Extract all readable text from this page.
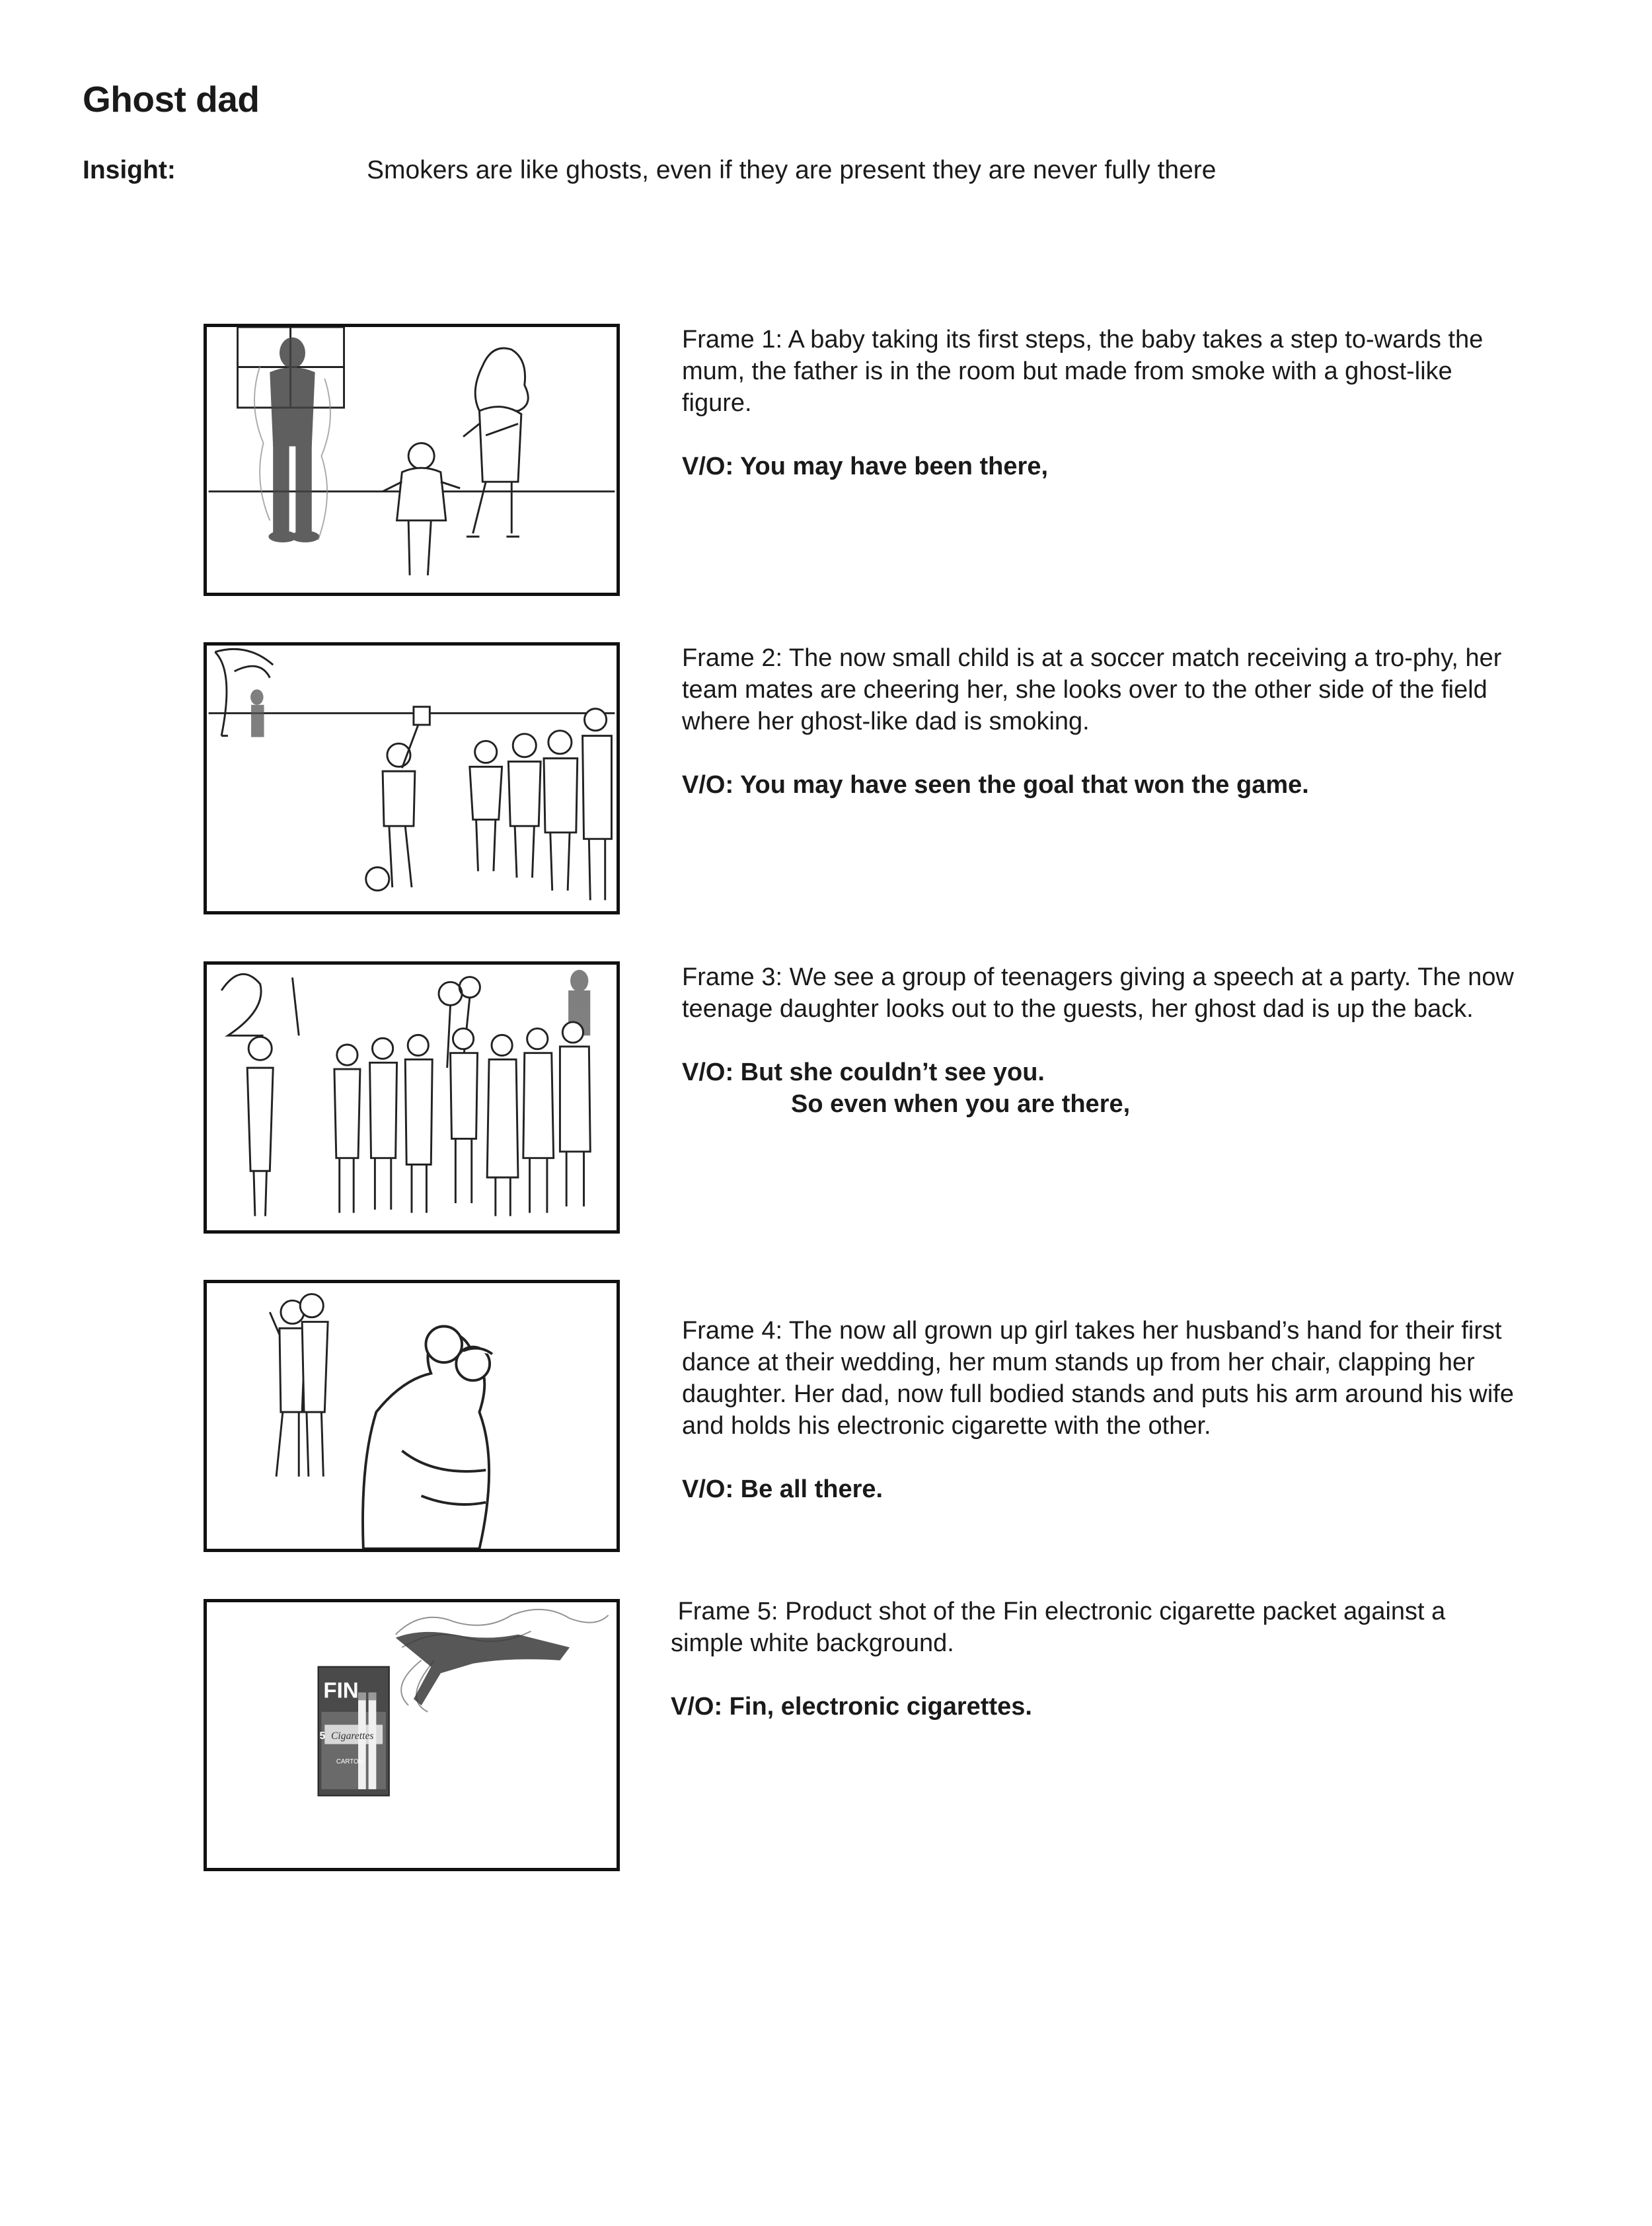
Ghost dad
Insight:	Smokers are like ghosts, even if they are present they are never fully there

Frame 1: A baby taking its first steps, the baby takes a step to-wards the mum, the father is in the room but made from smoke with a ghost-like figure.

V/O: You may have been there,

Frame 2: The now small child is at a soccer match receiving a tro-phy, her team mates are cheering her, she looks over to the other side of the field where her ghost-like dad is smoking.

V/O: You may have seen the goal that won the game.

Frame 3: We see a group of teenagers giving a speech at a party. The now teenage daughter looks out to the guests, her ghost dad is up the back.

V/O: But she couldn’t see you.

So even when you are there,

Frame 4: The now all grown up girl takes her husband’s hand for their first dance at their wedding, her mum stands up from her chair, clapping her daughter. Her dad, now full bodied stands and puts his arm around his wife and holds his electronic cigarette with the other.

V/O: Be all there.

FIN
5 Cigarettes
CARTON

Frame 5: Product shot of the Fin electronic cigarette packet against a simple white background.

V/O: Fin, electronic cigarettes.
